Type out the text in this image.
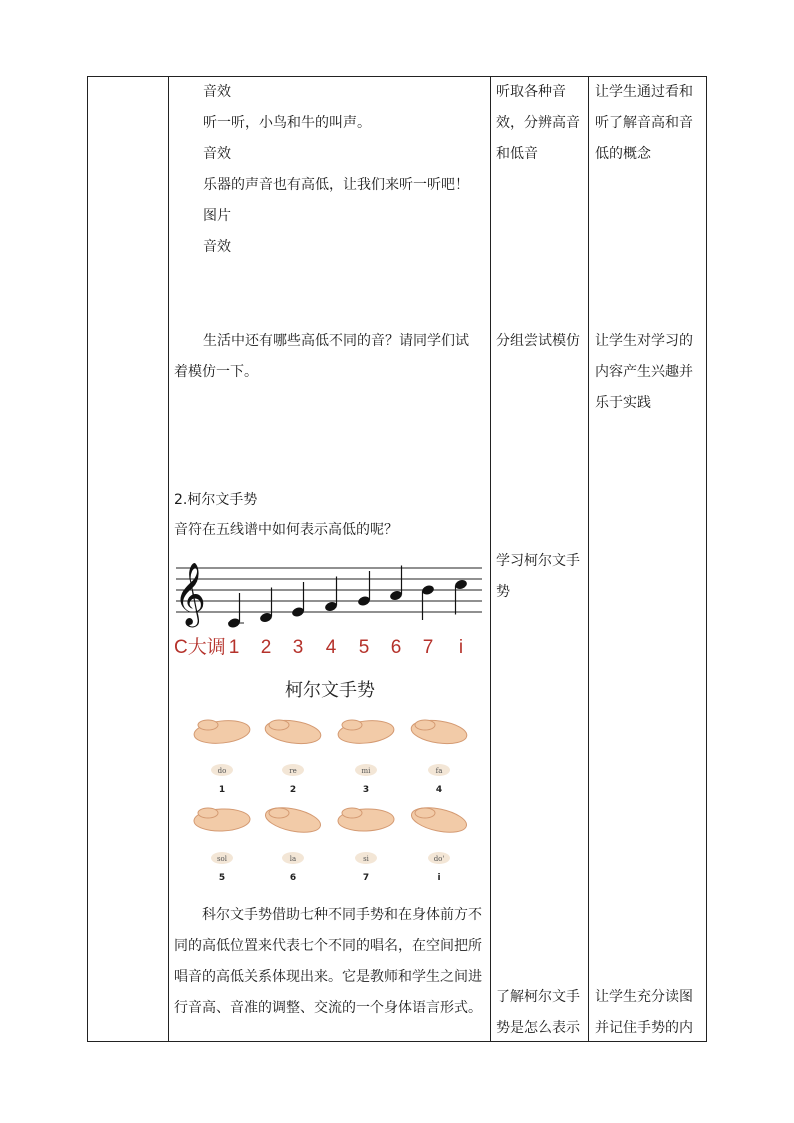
音效
听一听，小鸟和牛的叫声。
音效
乐器的声音也有高低，让我们来听一听吧！
图片
音效
生活中还有哪些高低不同的音？请同学们试着模仿一下。
2.柯尔文手势
音符在五线谱中如何表示高低的呢？
𝄞
1 2 3 4 5 6 7 i
C大调
柯尔文手势
do
1
re
2
mi
3
fa
4
sol
5
la
6
si
7
do'
i
科尔文手势借助七种不同手势和在身体前方不同的高低位置来代表七个不同的唱名，在空间把所唱音的高低关系体现出来。它是教师和学生之间进行音高、音准的调整、交流的一个身体语言形式。
听取各种音效，分辨高音和低音
分组尝试模仿
学习柯尔文手势
了解柯尔文手势是怎么表示
让学生通过看和听了解音高和音低的概念
让学生对学习的内容产生兴趣并乐于实践
让学生充分读图并记住手势的内
